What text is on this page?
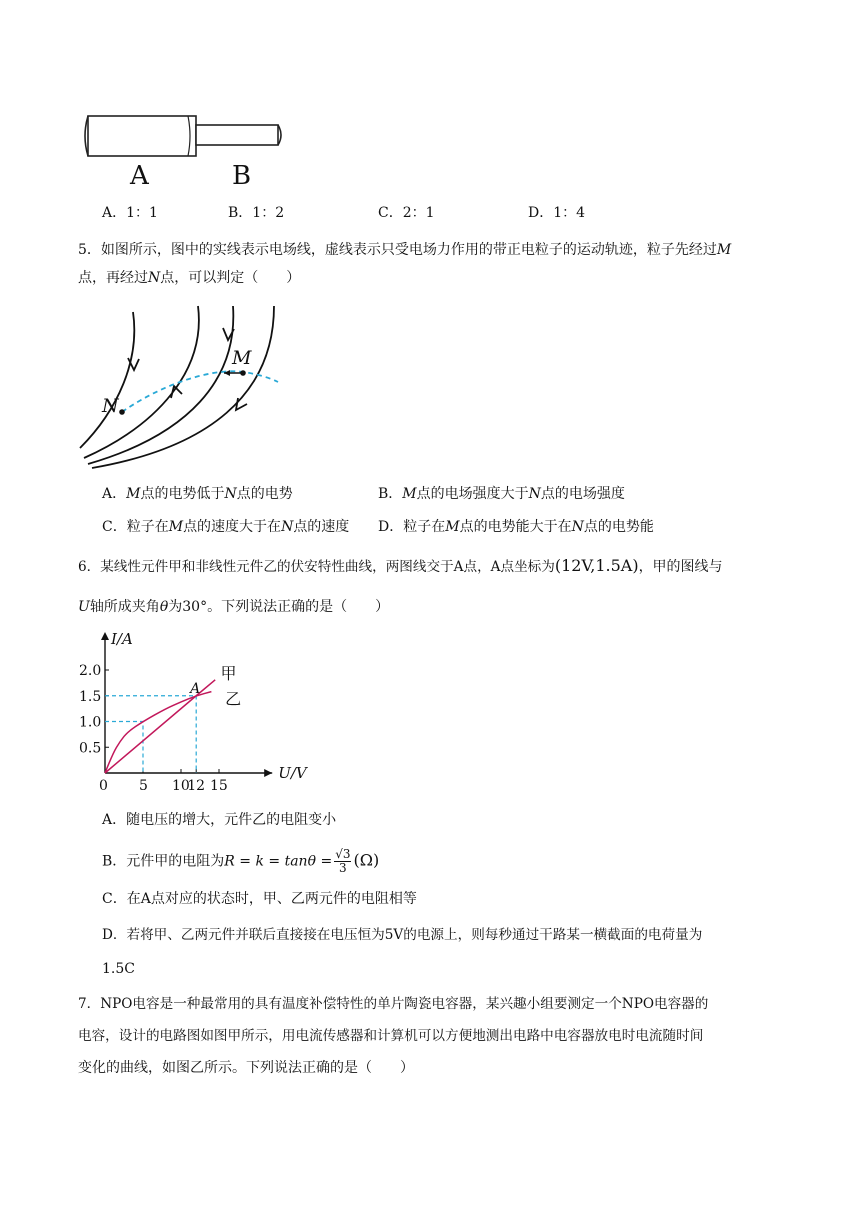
A	B
A．1：1	B．1：2	C．2：1	D．1：4
5．如图所示，图中的实线表示电场线，虚线表示只受电场力作用的带正电粒子的运动轨迹，粒子先经过M
点，再经过N点，可以判定（　　）
M
N
A．M点的电势低于N点的电势	B．M点的电场强度大于N点的电场强度
C．粒子在M点的速度大于在N点的速度 D．粒子在M点的电势能大于在N点的电势能
6．某线性元件甲和非线性元件乙的伏安特性曲线，两图线交于A点，A点坐标为(12V,1.5A)，甲的图线与
U轴所成夹角θ为30°。下列说法正确的是（　　）
U/V
I/A
0 5 10
12 15
0.5
1.0
1.5
2.0	甲
乙
A
A．随电压的增大，元件乙的电阻变小
B．元件甲的电阻为$R = k = \tan\theta = \frac{√3}{3} (\Omega)$
C．在A点对应的状态时，甲、乙两元件的电阻相等
D．若将甲、乙两元件并联后直接接在电压恒为5V的电源上，则每秒通过干路某一横截面的电荷量为
1.5C
7．NPO电容是一种最常用的具有温度补偿特性的单片陶瓷电容器，某兴趣小组要测定一个NPO电容器的
电容，设计的电路图如图甲所示，用电流传感器和计算机可以方便地测出电路中电容器放电时电流随时间
变化的曲线，如图乙所示。下列说法正确的是（　　）
